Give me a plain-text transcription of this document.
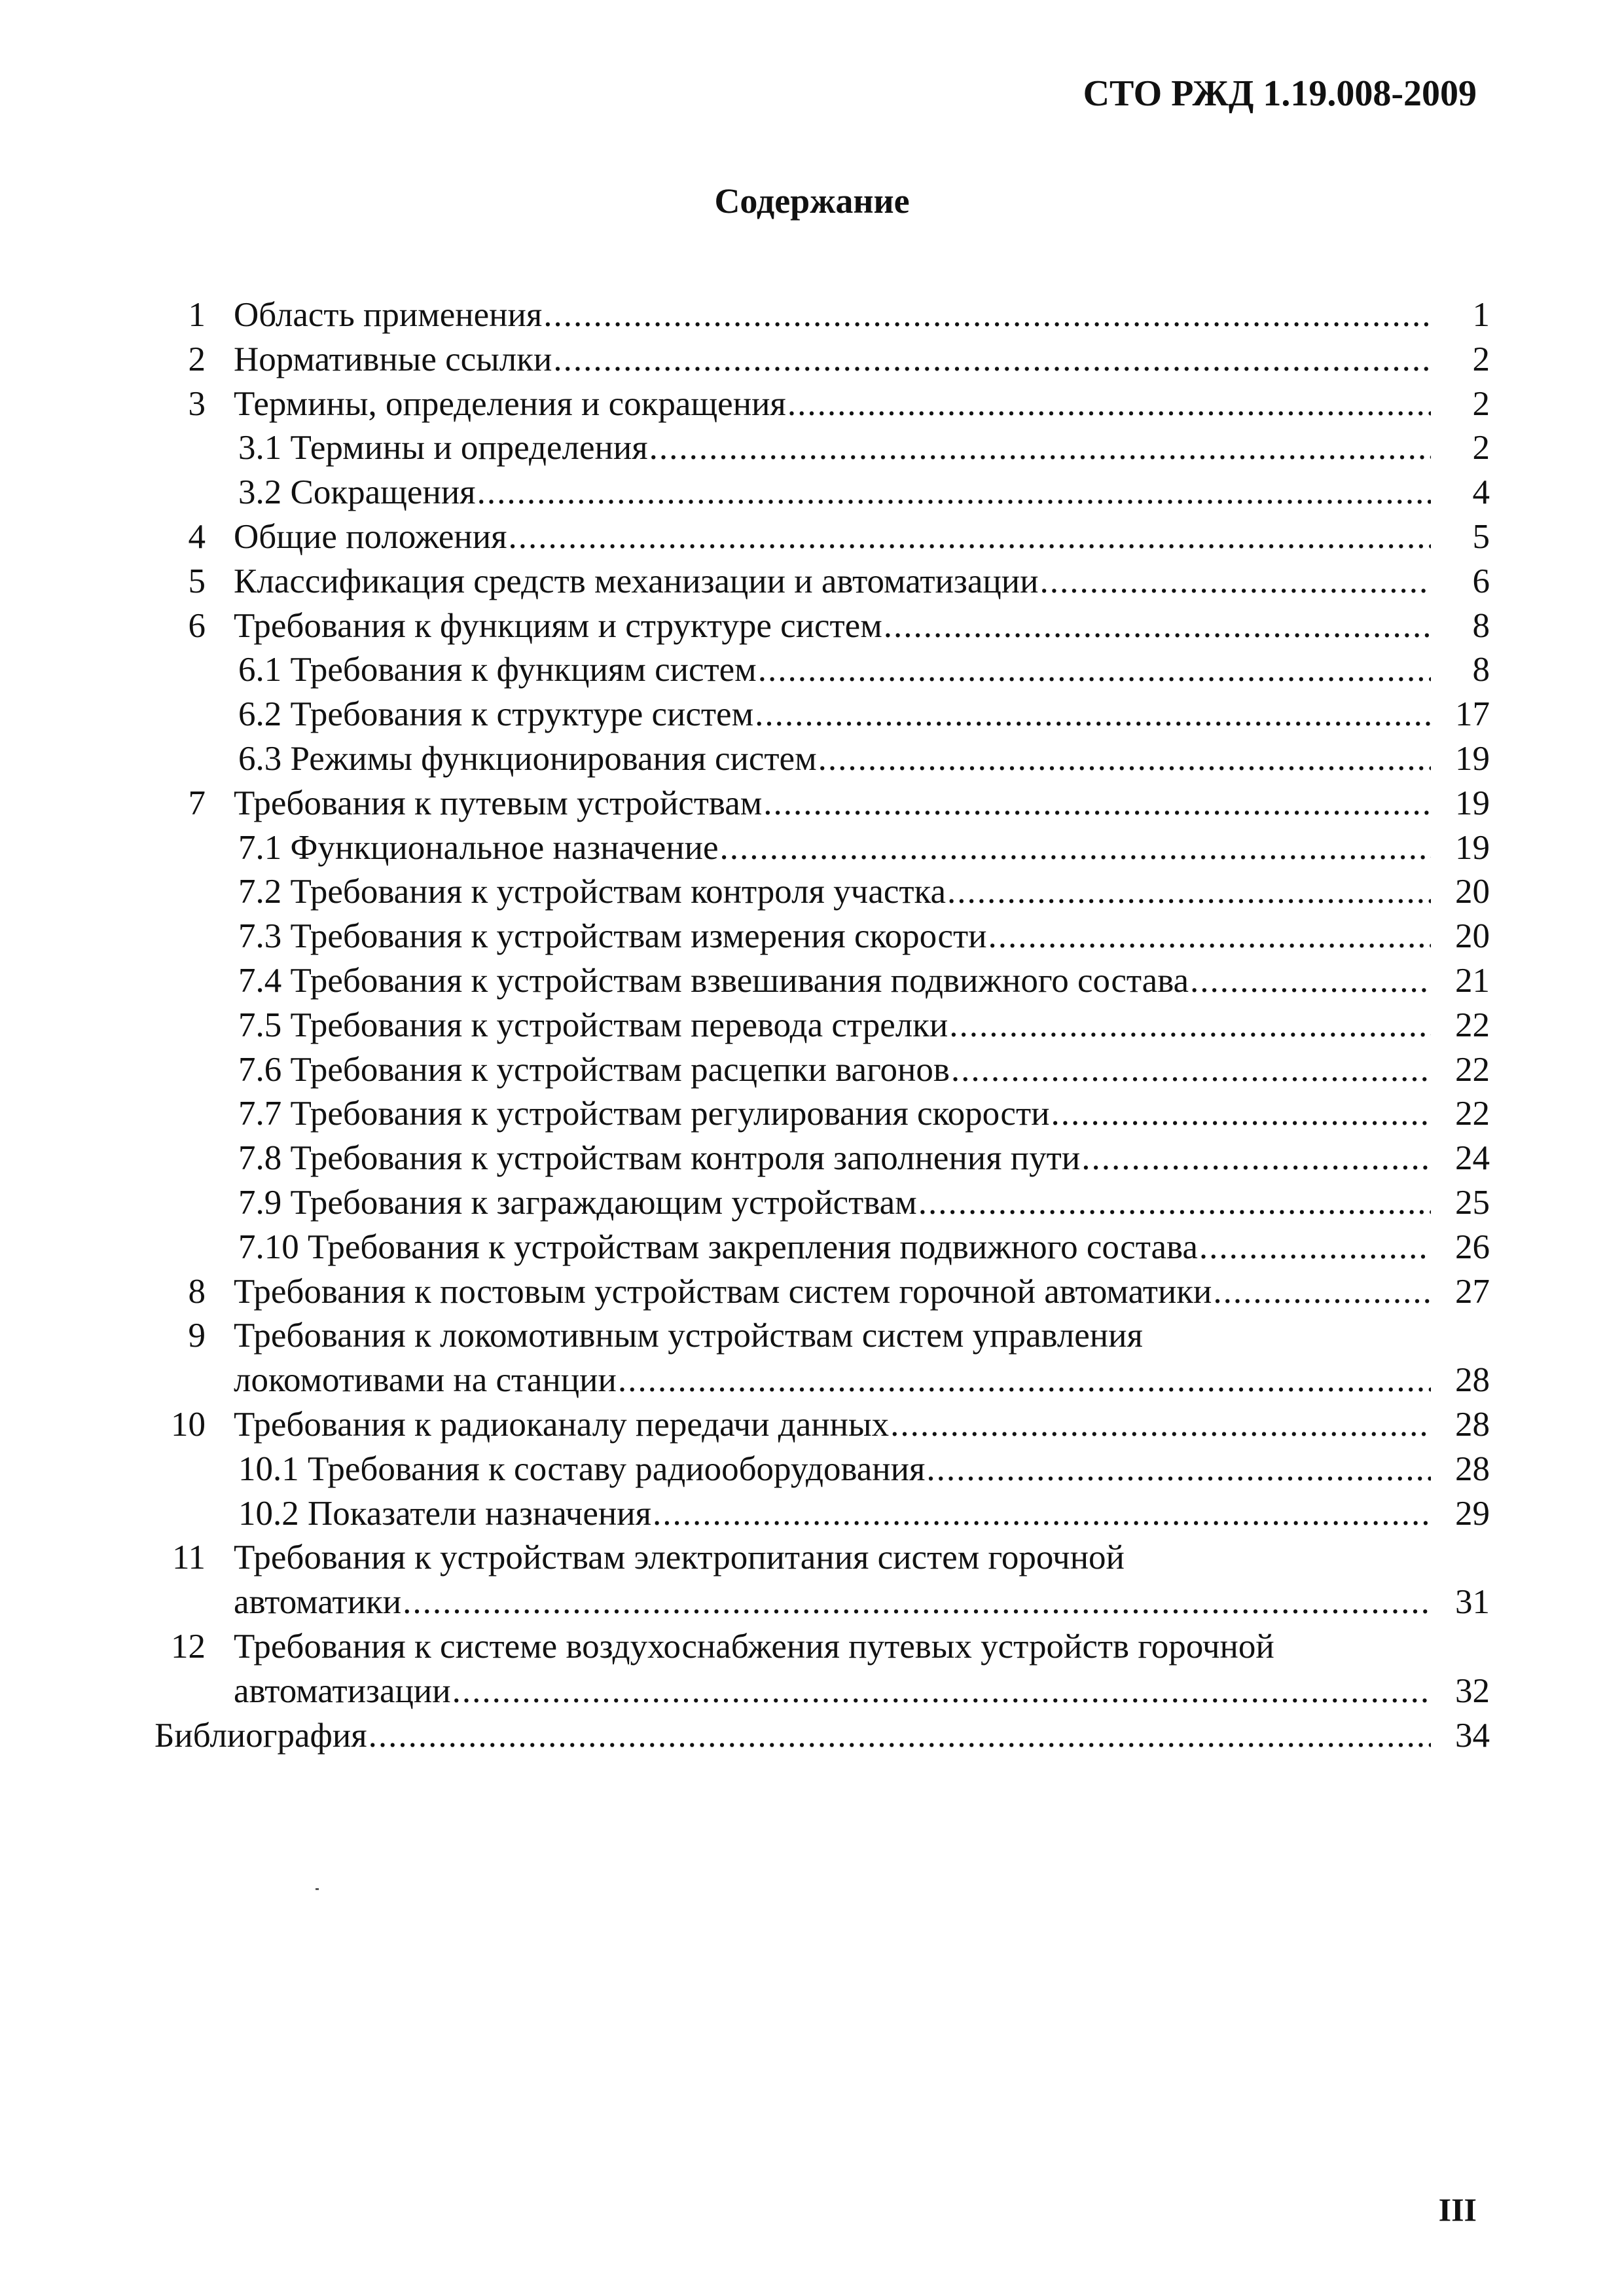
СТО РЖД 1.19.008-2009
Содержание
1 Область применения .....	1
2 Нормативные ссылки .....	2
3 Термины, определения и сокращения .....	2
3.1 Термины и определения .....	2
3.2 Сокращения .....	4
4 Общие положения .....	5
5 Классификация средств механизации и автоматизации .....	6
6 Требования к функциям и структуре систем .....	8
6.1 Требования к функциям систем .....	8
6.2 Требования к структуре систем .....	17
6.3 Режимы функционирования систем .....	19
7 Требования к путевым устройствам .....	19
7.1 Функциональное назначение .....	19
7.2 Требования к устройствам контроля участка .....	20
7.3 Требования к устройствам измерения скорости .....	20
7.4 Требования к устройствам взвешивания подвижного состава .....	21
7.5 Требования к устройствам перевода стрелки .....	22
7.6 Требования к устройствам расцепки вагонов .....	22
7.7 Требования к устройствам регулирования скорости .....	22
7.8 Требования к устройствам контроля заполнения пути .....	24
7.9 Требования к заграждающим устройствам .....	25
7.10 Требования к устройствам закрепления подвижного состава .....	26
8 Требования к постовым устройствам систем горочной автоматики .....	27
9 Требования к локомотивным устройствам систем управления
локомотивами на станции .....	28
10 Требования к радиоканалу передачи данных .....	28
10.1 Требования к составу радиооборудования .....	28
10.2 Показатели назначения .....	29
11 Требования к устройствам электропитания систем горочной
автоматики .....	31
12 Требования к системе воздухоснабжения путевых устройств горочной
автоматизации .....	32
Библиография .....	34
III
